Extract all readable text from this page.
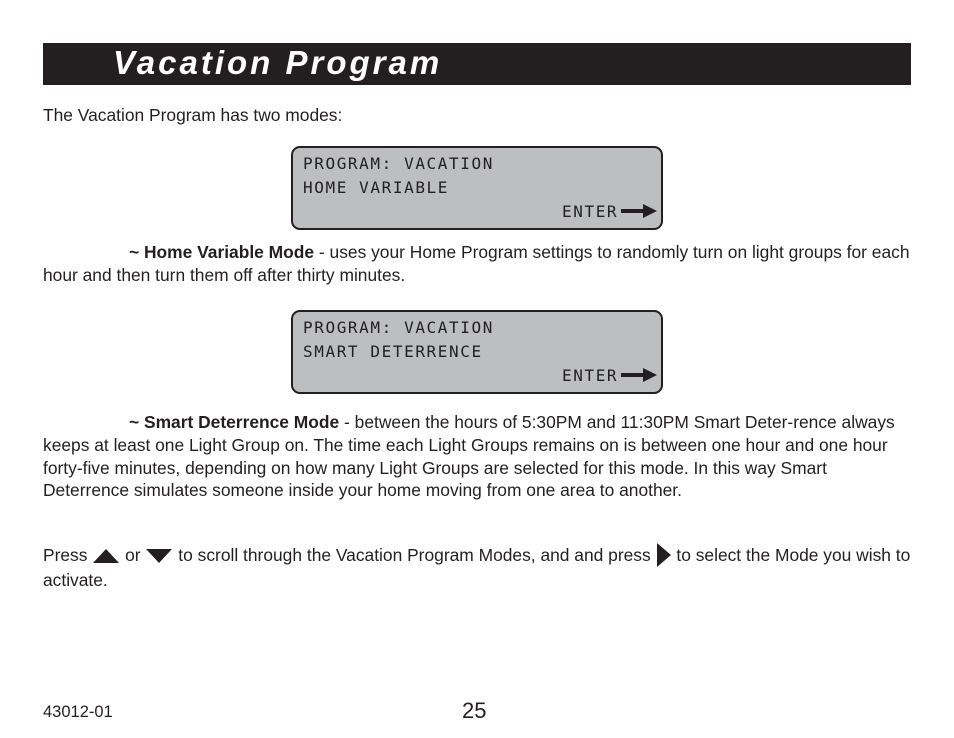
Vacation Program
The Vacation Program has two modes:
PROGRAM: VACATION
HOME VARIABLE
ENTER
~ Home Variable Mode - uses your Home Program settings to randomly turn on light groups for each hour and then turn them off after thirty minutes.
PROGRAM: VACATION
SMART DETERRENCE
ENTER
~ Smart Deterrence Mode - between the hours of 5:30PM and 11:30PM Smart Deter-rence always keeps at least one Light Group on. The time each Light Groups remains on is between one hour and one hour forty-five minutes, depending on how many Light Groups are selected for this mode. In this way Smart Deterrence simulates someone inside your home moving from one area to another.
Press or to scroll through the Vacation Program Modes, and and press to select the Mode you wish to activate.
43012-01	25
